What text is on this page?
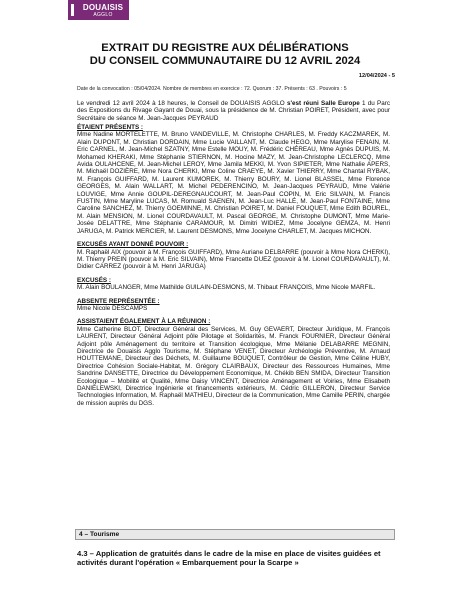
DOUAISIS
AGGLO
EXTRAIT DU REGISTRE AUX DÉLIBÉRATIONS
DU CONSEIL COMMUNAUTAIRE DU 12 AVRIL 2024
12/04/2024 - 5
Date de la convocation : 05/04/2024. Nombre de membres en exercice : 72. Quorum : 37. Présents : 63 . Pouvoirs : 5
Le vendredi 12 avril 2024 à 18 heures, le Conseil de DOUAISIS AGGLO s'est réuni Salle Europe 1 du Parc des Expositions du Rivage Gayant de Douai, sous la présidence de M. Christian POIRET, Président, avec pour Secrétaire de séance M. Jean-Jacques PEYRAUD
ÉTAIENT PRÉSENTS :
Mme Nadine MORTELETTE, M. Bruno VANDEVILLE, M. Christophe CHARLES, M. Freddy KACZMAREK, M. Alain DUPONT, M. Christian DORDAIN, Mme Lucie VAILLANT, M. Claude HEGO, Mme Marylise FENAIN, M. Eric CARNEL, M. Jean-Michel SZATNY, Mme Estelle MOUY, M. Frédéric CHÉREAU, Mme Agnès DUPUIS, M. Mohamed KHERAKI, Mme Stéphanie STIERNON, M. Hocine MAZY, M. Jean-Christophe LECLERCQ, Mme Avida OULAHCENE, M. Jean-Michel LEROY, Mme Jamila MEKKI, M. Yvon SIPIETER, Mme Nathalie APERS, M. Michaël DOZIÈRE, Mme Nora CHERKI, Mme Coline CRAEYE, M. Xavier THIERRY, Mme Chantal RYBAK, M. François GUIFFARD, M. Laurent KUMOREK, M. Thierry BOURY, M. Lionel BLASSEL, Mme Florence GEORGES, M. Alain WALLART, M. Michel PEDERENCINO, M. Jean-Jacques PEYRAUD, Mme Valérie LOUVIGE, Mme Annie GOUPIL-DEREGNAUCOURT, M. Jean-Paul COPIN, M. Eric SILVAIN, M. Francis FUSTIN, Mme Maryline LUCAS, M. Romuald SAENEN, M. Jean-Luc HALLÉ, M. Jean-Paul FONTAINE, Mme Caroline SANCHEZ, M. Thierry GOEMINNE, M. Christian POIRET, M. Daniel FOUQUET, Mme Edith BOUREL, M. Alain MENSION, M. Lionel COURDAVAULT, M. Pascal GEORGE, M. Christophe DUMONT, Mme Marie-Josée DELATTRE, Mme Stéphanie CARAMOUR, M. Dimitri WIDIEZ, Mme Jocelyne GEMZA, M. Henri JARUGA, M. Patrick MERCIER, M. Laurent DESMONS, Mme Jocelyne CHARLET, M. Jacques MICHON.
EXCUSÉS AYANT DONNÉ POUVOIR :
M. Raphaël AIX (pouvoir à M. François GUIFFARD), Mme Auriane DELBARRE (pouvoir à Mme Nora CHERKI), M. Thierry PREIN (pouvoir à M. Eric SILVAIN), Mme Francette DUEZ (pouvoir à M. Lionel COURDAVAULT), M. Didier CARREZ (pouvoir à M. Henri JARUGA)
EXCUSÉS :
M. Alain BOULANGER, Mme Mathilde GUILAIN-DESMONS, M. Thibaut FRANÇOIS, Mme Nicole MARFIL.
ABSENTE REPRÉSENTÉE :
Mme Nicole DESCAMPS
ASSISTAIENT ÉGALEMENT À LA RÉUNION :
Mme Catherine BLOT, Directeur Général des Services, M. Guy GEVAERT, Directeur Juridique, M. François LAURENT, Directeur Général Adjoint pôle Pilotage et Solidarités, M. Franck FOURNIER, Directeur Général Adjoint pôle Aménagement du territoire et Transition écologique, Mme Mélanie DELABARRE MEGNIN, Directrice de Douaisis Agglo Tourisme, M. Stéphane VENET, Directeur Archéologie Préventive, M. Arnaud HOUTTEMANE, Directeur des Déchets, M. Guillaume BOUQUET, Contrôleur de Gestion, Mme Céline HUBY, Directrice Cohésion Sociale-Habitat, M. Grégory CLAIRBAUX, Directeur des Ressources Humaines, Mme Sandrine DANSETTE, Directrice du Développement Economique, M. Chékib BEN SMIDA, Directeur Transition Ecologique – Mobilité et Qualité, Mme Daisy VINCENT, Directrice Aménagement et Voiries, Mme Elisabeth DANIELEWSKI, Directrice Ingénierie et financements extérieurs, M. Cédric GILLERON, Directeur Service Technologies Information, M. Raphaël MATHIEU, Directeur de la Communication, Mme Camille PERIN, chargée de mission auprès du DGS.
4 – Tourisme
4.3 – Application de gratuités dans le cadre de la mise en place de visites guidées et activités durant l'opération « Embarquement pour la Scarpe »
